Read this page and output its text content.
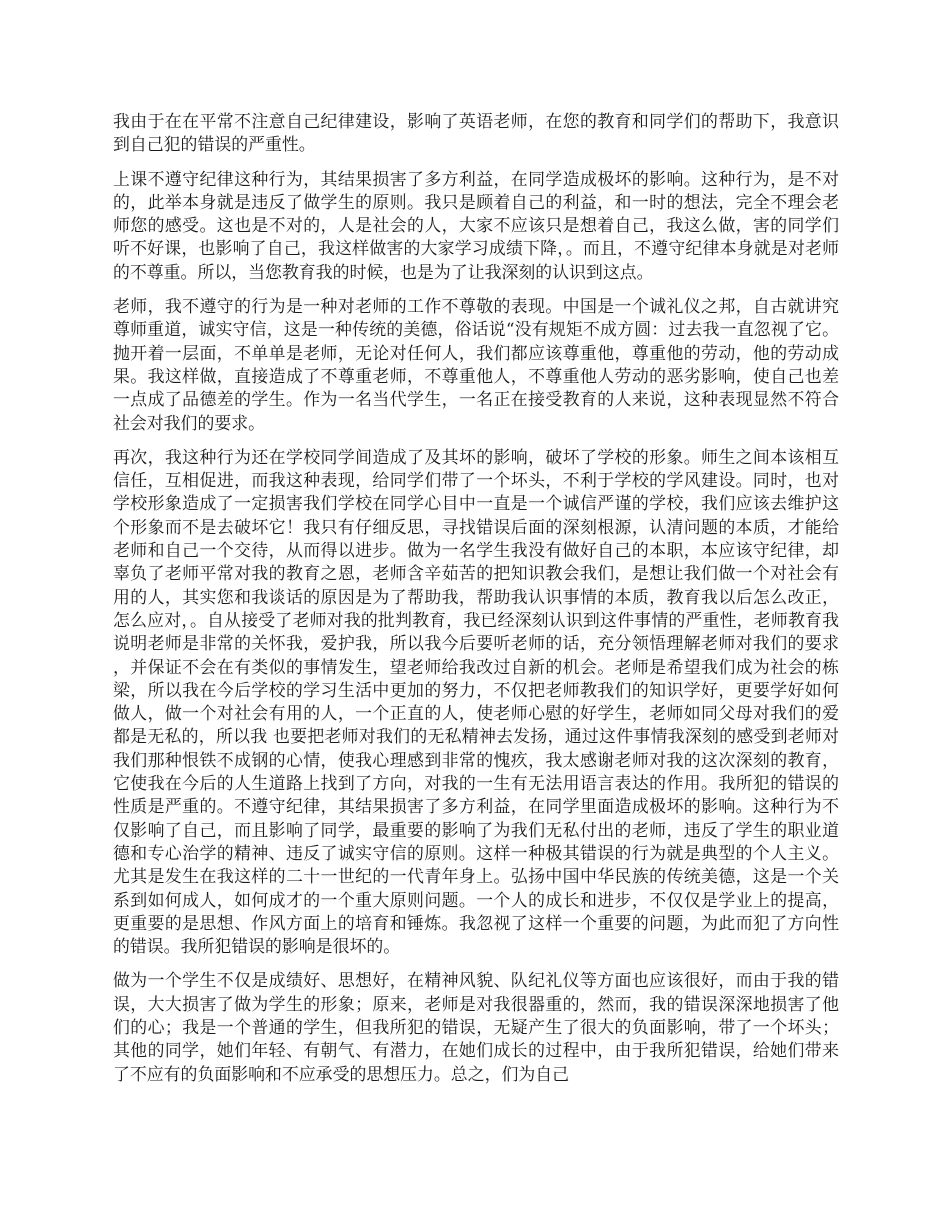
我由于在在平常不注意自己纪律建设，影响了英语老师，在您的教育和同学们的帮助下，我意识到自己犯的错误的严重性。

上课不遵守纪律这种行为，其结果损害了多方利益，在同学造成极坏的影响。这种行为，是不对的，此举本身就是违反了做学生的原则。我只是顾着自己的利益，和一时的想法，完全不理会老师您的感受。这也是不对的，人是社会的人，大家不应该只是想着自己，我这么做，害的同学们听不好课，也影响了自己，我这样做害的大家学习成绩下降，。而且，不遵守纪律本身就是对老师的不尊重。所以，当您教育我的时候，也是为了让我深刻的认识到这点。

老师，我不遵守的行为是一种对老师的工作不尊敬的表现。中国是一个诚礼仪之邦，自古就讲究尊师重道，诚实守信，这是一种传统的美德，俗话说“没有规矩不成方圆：过去我一直忽视了它。抛开着一层面，不单单是老师，无论对任何人，我们都应该尊重他，尊重他的劳动，他的劳动成果。我这样做，直接造成了不尊重老师，不尊重他人，不尊重他人劳动的恶劣影响，使自己也差一点成了品德差的学生。作为一名当代学生，一名正在接受教育的人来说，这种表现显然不符合社会对我们的要求。

再次，我这种行为还在学校同学间造成了及其坏的影响，破坏了学校的形象。师生之间本该相互信任，互相促进，而我这种表现，给同学们带了一个坏头，不利于学校的学风建设。同时，也对学校形象造成了一定损害我们学校在同学心目中一直是一个诚信严谨的学校，我们应该去维护这个形象而不是去破坏它！我只有仔细反思，寻找错误后面的深刻根源，认清问题的本质，才能给老师和自己一个交待，从而得以进步。做为一名学生我没有做好自己的本职，本应该守纪律，却辜负了老师平常对我的教育之恩，老师含辛茹苦的把知识教会我们，是想让我们做一个对社会有用的人，其实您和我谈话的原因是为了帮助我，帮助我认识事情的本质，教育我以后怎么改正，怎么应对，。自从接受了老师对我的批判教育，我已经深刻认识到这件事情的严重性，老师教育我说明老师是非常的关怀我，爱护我，所以我今后要听老师的话，充分领悟理解老师对我们的要求，并保证不会在有类似的事情发生，望老师给我改过自新的机会。老师是希望我们成为社会的栋梁，所以我在今后学校的学习生活中更加的努力，不仅把老师教我们的知识学好，更要学好如何做人，做一个对社会有用的人，一个正直的人，使老师心慰的好学生，老师如同父母对我们的爱都是无私的，所以我 也要把老师对我们的无私精神去发扬，通过这件事情我深刻的感受到老师对我们那种恨铁不成钢的心情，使我心理感到非常的愧疚，我太感谢老师对我的这次深刻的教育，它使我在今后的人生道路上找到了方向，对我的一生有无法用语言表达的作用。我所犯的错误的性质是严重的。不遵守纪律，其结果损害了多方利益，在同学里面造成极坏的影响。这种行为不仅影响了自己，而且影响了同学，最重要的影响了为我们无私付出的老师，违反了学生的职业道德和专心治学的精神、违反了诚实守信的原则。这样一种极其错误的行为就是典型的个人主义。尤其是发生在我这样的二十一世纪的一代青年身上。弘扬中国中华民族的传统美德，这是一个关系到如何成人，如何成才的一个重大原则问题。一个人的成长和进步，不仅仅是学业上的提高，更重要的是思想、作风方面上的培育和锤炼。我忽视了这样一个重要的问题，为此而犯了方向性的错误。我所犯错误的影响是很坏的。

做为一个学生不仅是成绩好、思想好，在精神风貌、队纪礼仪等方面也应该很好，而由于我的错误，大大损害了做为学生的形象；原来，老师是对我很器重的，然而，我的错误深深地损害了他们的心；我是一个普通的学生，但我所犯的错误，无疑产生了很大的负面影响，带了一个坏头；其他的同学，她们年轻、有朝气、有潜力，在她们成长的过程中，由于我所犯错误，给她们带来了不应有的负面影响和不应承受的思想压力。总之，们为自己
